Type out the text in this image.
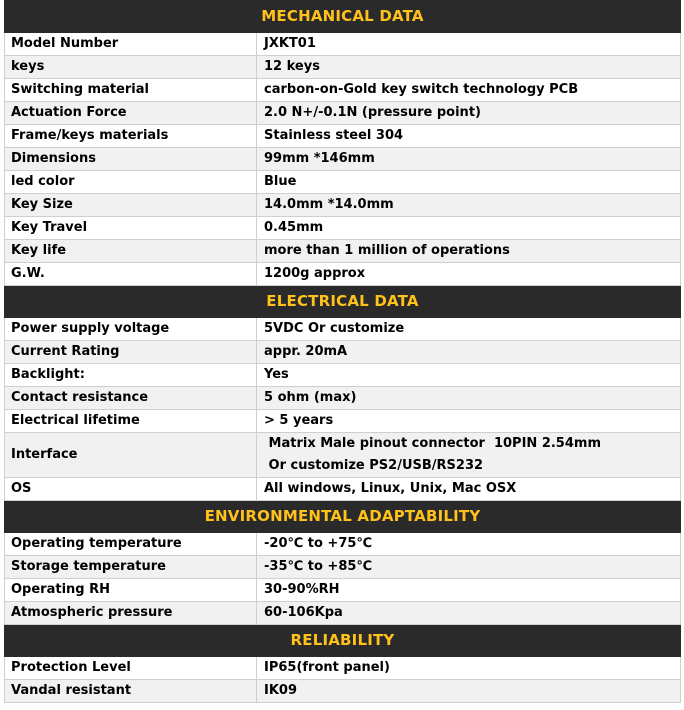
MECHANICAL DATA	
Model Number	JXKT01
keys	12 keys
Switching material	carbon-on-Gold key switch technology PCB
Actuation Force	2.0 N+/-0.1N (pressure point)
Frame/keys materials	Stainless steel 304
Dimensions	99mm *146mm
led color	Blue
Key Size	14.0mm *14.0mm
Key Travel	0.45mm
Key life	more than 1 million of operations
G.W.	1200g approx
ELECTRICAL DATA	
Power supply voltage	5VDC Or customize
Current Rating	appr. 20mA
Backlight:	Yes
Contact resistance	5 ohm (max)
Electrical lifetime	> 5 years
Interface	Matrix Male pinout connector  10PIN 2.54mm
Or customize PS2/USB/RS232

OS	All windows, Linux, Unix, Mac OSX
ENVIRONMENTAL ADAPTABILITY	
Operating temperature	-20℃ to +75℃
Storage temperature	-35℃ to +85℃
Operating RH	30-90%RH
Atmospheric pressure	60-106Kpa
RELIABILITY	
Protection Level	IP65(front panel)
Vandal resistant	IK09
